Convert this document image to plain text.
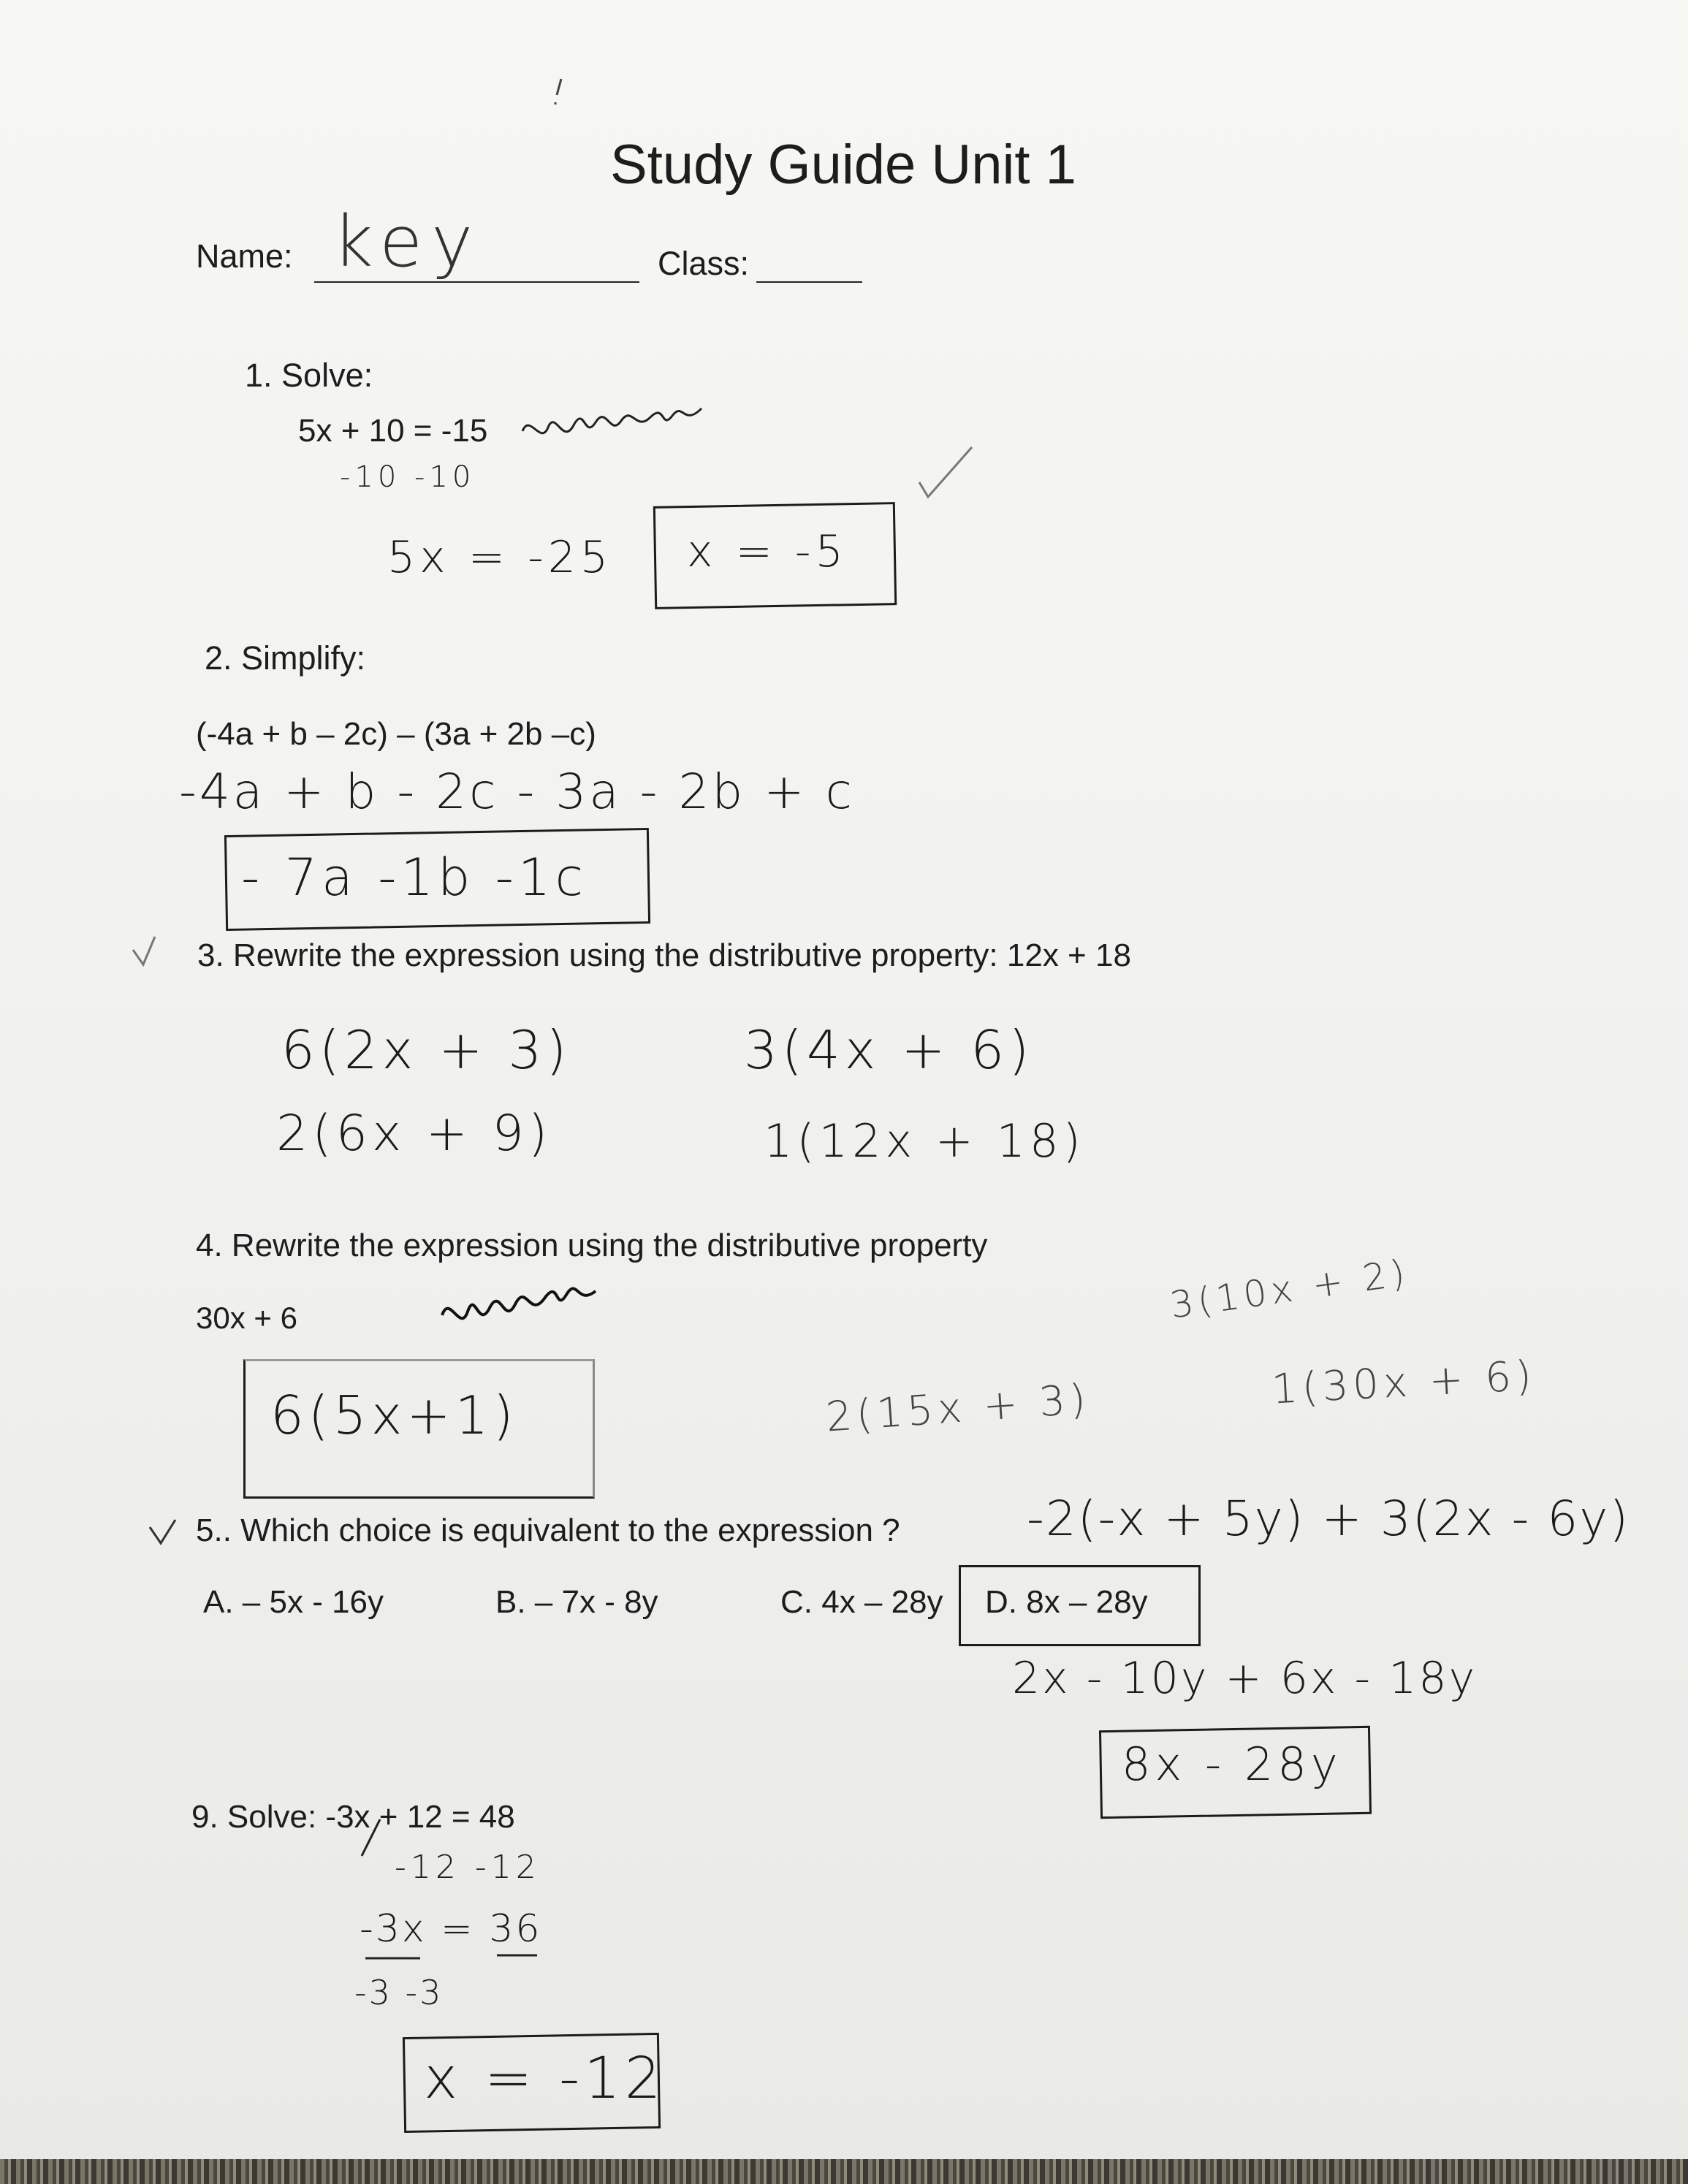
Study Guide Unit 1
Name: key	Class:
1. Solve:
5x + 10 = -15
-10 -10
5x = -25 x = -5
2. Simplify:
(-4a + b – 2c) – (3a + 2b –c)
-4a + b - 2c - 3a - 2b + c
- 7a -1b -1c
3. Rewrite the expression using the distributive property: 12x + 18
6(2x + 3)	3(4x + 6)
2(6x + 9)	1(12x + 18)
4. Rewrite the expression using the distributive property
30x + 6
6(5x+1)
3(10x + 2)
2(15x + 3)	1(30x + 6)
5.. Which choice is equivalent to the expression ?	-2(-x + 5y) + 3(2x - 6y)
A. – 5x - 16y	B. – 7x - 8y	C. 4x – 28y D. 8x – 28y
2x - 10y + 6x - 18y
8x - 28y
9. Solve: -3x + 12 = 48
-12 -12
-3x = 36
-3 -3
x = -12
